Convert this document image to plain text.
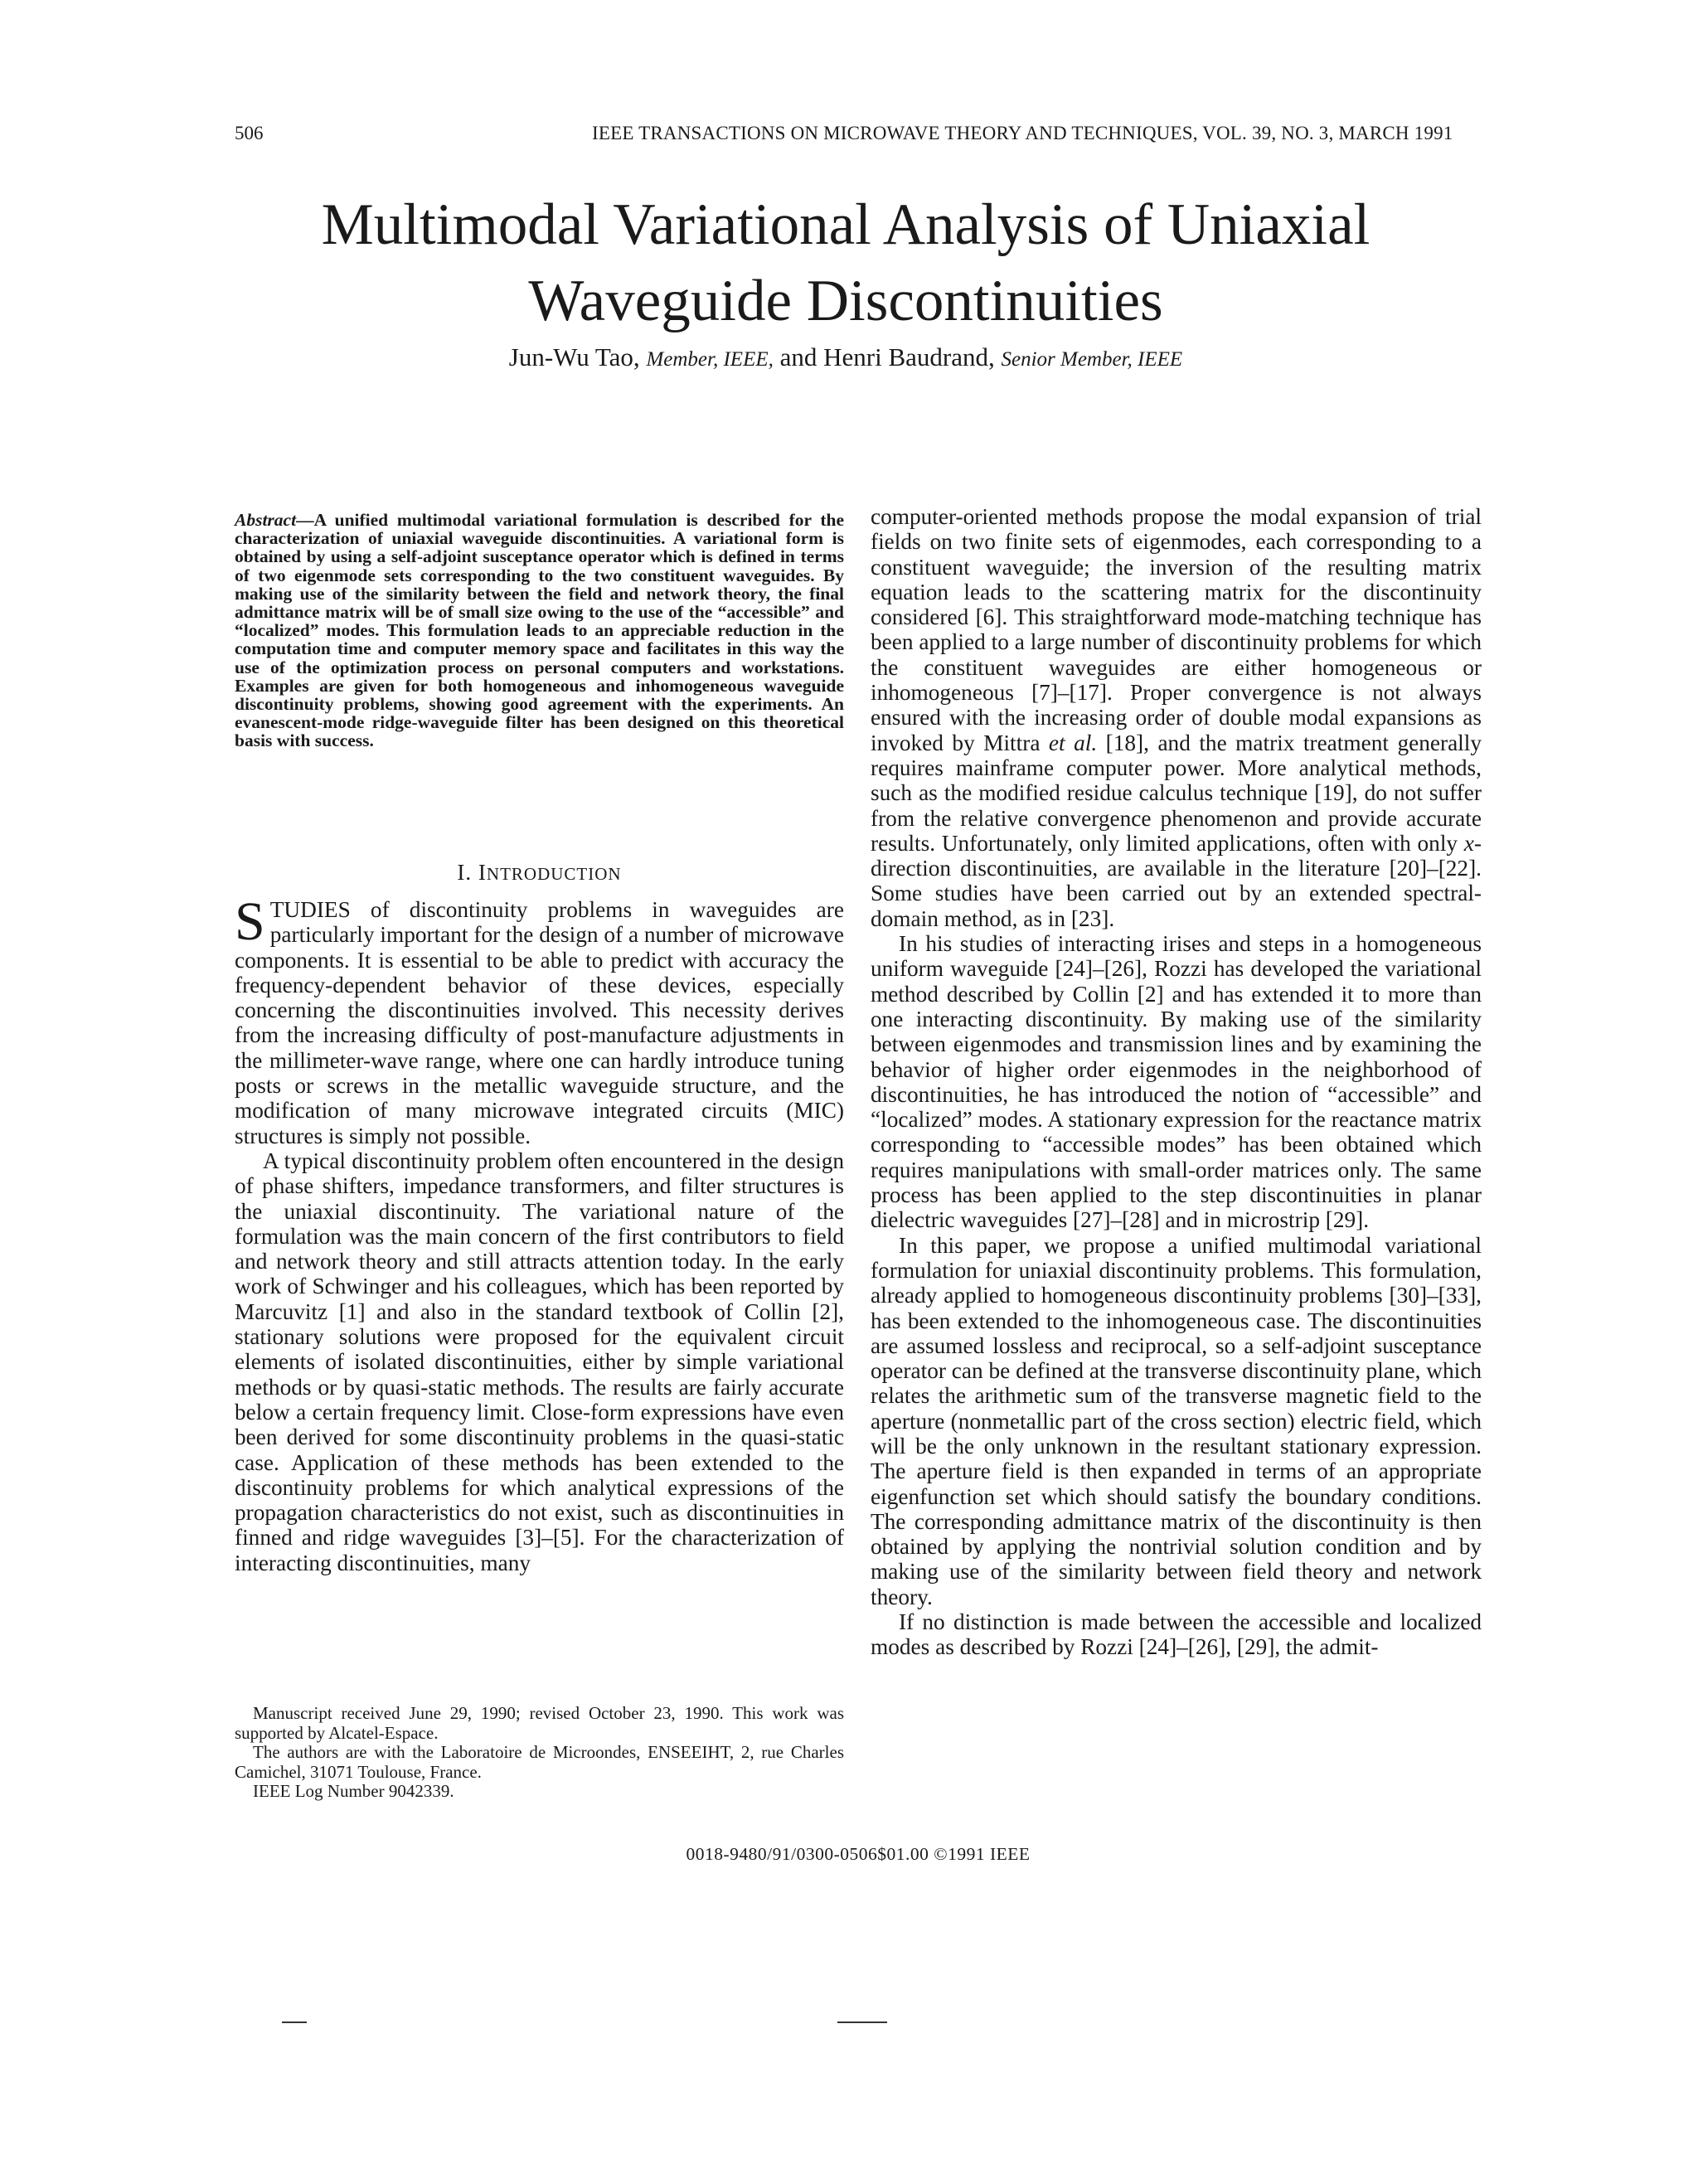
506	IEEE TRANSACTIONS ON MICROWAVE THEORY AND TECHNIQUES, VOL. 39, NO. 3, MARCH 1991
Multimodal Variational Analysis of Uniaxial
Waveguide Discontinuities
Jun-Wu Tao, Member, IEEE, and Henri Baudrand, Senior Member, IEEE

Abstract—A unified multimodal variational formulation is described for the characterization of uniaxial waveguide discontinuities. A variational form is obtained by using a self-adjoint susceptance operator which is defined in terms of two eigenmode sets corresponding to the two constituent waveguides. By making use of the similarity between the field and network theory, the final admittance matrix will be of small size owing to the use of the “accessible” and “localized” modes. This formulation leads to an appreciable reduction in the computation time and computer memory space and facilitates in this way the use of the optimization process on personal computers and workstations. Examples are given for both homogeneous and inhomogeneous waveguide discontinuity problems, showing good agreement with the experiments. An evanescent-mode ridge-waveguide filter has been designed on this theoretical basis with success.

I. INTRODUCTION

STUDIES of discontinuity problems in waveguides are particularly important for the design of a number of microwave components. It is essential to be able to predict with accuracy the frequency-dependent behavior of these devices, especially concerning the discontinuities involved. This necessity derives from the increasing difficulty of post-manufacture adjustments in the millimeter-wave range, where one can hardly introduce tuning posts or screws in the metallic waveguide structure, and the modification of many microwave integrated circuits (MIC) structures is simply not possible.

A typical discontinuity problem often encountered in the design of phase shifters, impedance transformers, and filter structures is the uniaxial discontinuity. The variational nature of the formulation was the main concern of the first contributors to field and network theory and still attracts attention today. In the early work of Schwinger and his colleagues, which has been reported by Marcuvitz [1] and also in the standard textbook of Collin [2], stationary solutions were proposed for the equivalent circuit elements of isolated discontinuities, either by simple variational methods or by quasi-static methods. The results are fairly accurate below a certain frequency limit. Close-form expressions have even been derived for some discontinuity problems in the quasi-static case. Application of these methods has been extended to the discontinuity problems for which analytical expressions of the propagation characteristics do not exist, such as discontinuities in finned and ridge waveguides [3]–[5]. For the characterization of interacting discontinuities, many

Manuscript received June 29, 1990; revised October 23, 1990. This work was supported by Alcatel-Espace.

The authors are with the Laboratoire de Microondes, ENSEEIHT, 2, rue Charles Camichel, 31071 Toulouse, France.

IEEE Log Number 9042339.

computer-oriented methods propose the modal expansion of trial fields on two finite sets of eigenmodes, each corresponding to a constituent waveguide; the inversion of the resulting matrix equation leads to the scattering matrix for the discontinuity considered [6]. This straightforward mode-matching technique has been applied to a large number of discontinuity problems for which the constituent waveguides are either homogeneous or inhomogeneous [7]–[17]. Proper convergence is not always ensured with the increasing order of double modal expansions as invoked by Mittra et al. [18], and the matrix treatment generally requires mainframe computer power. More analytical methods, such as the modified residue calculus technique [19], do not suffer from the relative convergence phenomenon and provide accurate results. Unfortunately, only limited applications, often with only x-direction discontinuities, are available in the literature [20]–[22]. Some studies have been carried out by an extended spectral-domain method, as in [23].

In his studies of interacting irises and steps in a homogeneous uniform waveguide [24]–[26], Rozzi has developed the variational method described by Collin [2] and has extended it to more than one interacting discontinuity. By making use of the similarity between eigenmodes and transmission lines and by examining the behavior of higher order eigenmodes in the neighborhood of discontinuities, he has introduced the notion of “accessible” and “localized” modes. A stationary expression for the reactance matrix corresponding to “accessible modes” has been obtained which requires manipulations with small-order matrices only. The same process has been applied to the step discontinuities in planar dielectric waveguides [27]–[28] and in microstrip [29].

In this paper, we propose a unified multimodal variational formulation for uniaxial discontinuity problems. This formulation, already applied to homogeneous discontinuity problems [30]–[33], has been extended to the inhomogeneous case. The discontinuities are assumed lossless and reciprocal, so a self-adjoint susceptance operator can be defined at the transverse discontinuity plane, which relates the arithmetic sum of the transverse magnetic field to the aperture (nonmetallic part of the cross section) electric field, which will be the only unknown in the resultant stationary expression. The aperture field is then expanded in terms of an appropriate eigenfunction set which should satisfy the boundary conditions. The corresponding admittance matrix of the discontinuity is then obtained by applying the nontrivial solution condition and by making use of the similarity between field theory and network theory.

If no distinction is made between the accessible and localized modes as described by Rozzi [24]–[26], [29], the admit-

0018-9480/91/0300-0506$01.00 ©1991 IEEE
